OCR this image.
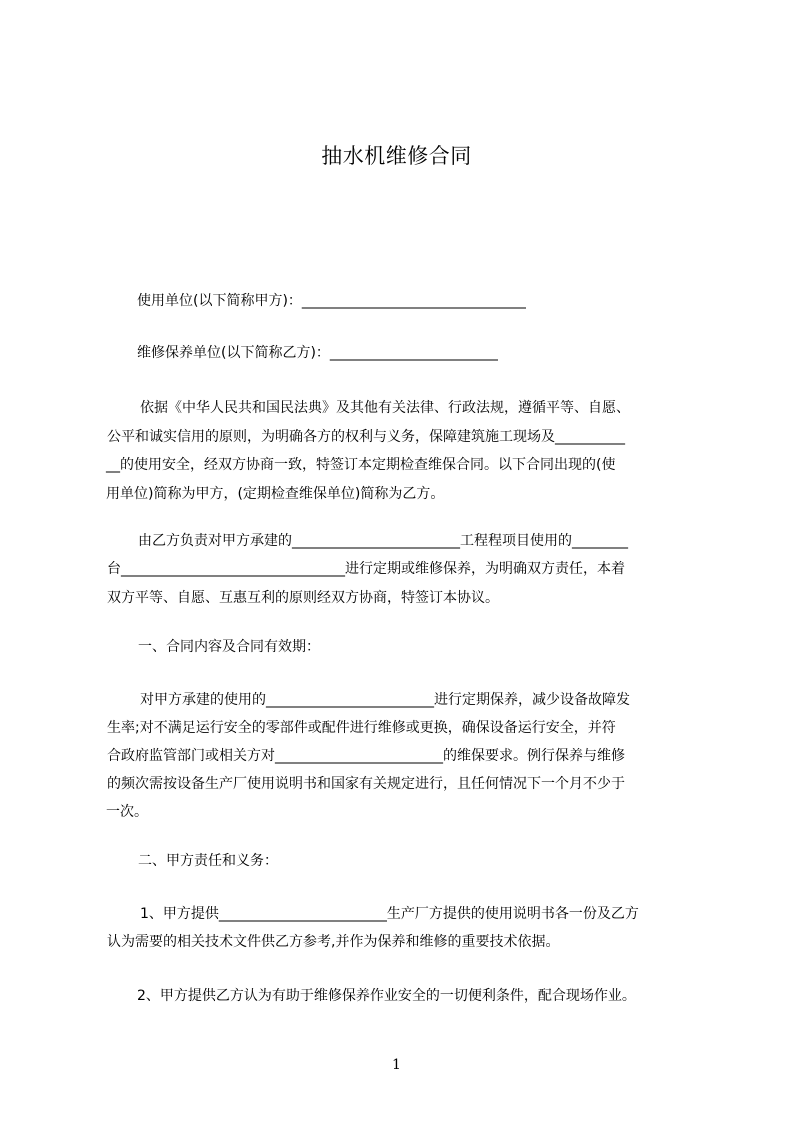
抽水机维修合同
使用单位(以下简称甲方)：________________________________
维修保养单位(以下简称乙方)：________________________
依据《中华人民共和国民法典》及其他有关法律、行政法规，遵循平等、自愿、
公平和诚实信用的原则，为明确各方的权利与义务，保障建筑施工现场及__________
__的使用安全，经双方协商一致，特签订本定期检查维保合同。以下合同出现的(使
用单位)简称为甲方，(定期检查维保单位)简称为乙方。
由乙方负责对甲方承建的________________________工程程项目使用的________
台________________________________进行定期或维修保养，为明确双方责任，本着
双方平等、自愿、互惠互利的原则经双方协商，特签订本协议。
一、合同内容及合同有效期：
对甲方承建的使用的________________________进行定期保养，减少设备故障发
生率;对不满足运行安全的零部件或配件进行维修或更换，确保设备运行安全，并符
合政府监管部门或相关方对________________________的维保要求。例行保养与维修
的频次需按设备生产厂使用说明书和国家有关规定进行，且任何情况下一个月不少于
一次。
二、甲方责任和义务：
1、甲方提供________________________生产厂方提供的使用说明书各一份及乙方
认为需要的相关技术文件供乙方参考,并作为保养和维修的重要技术依据。
2、甲方提供乙方认为有助于维修保养作业安全的一切便利条件，配合现场作业。
1
